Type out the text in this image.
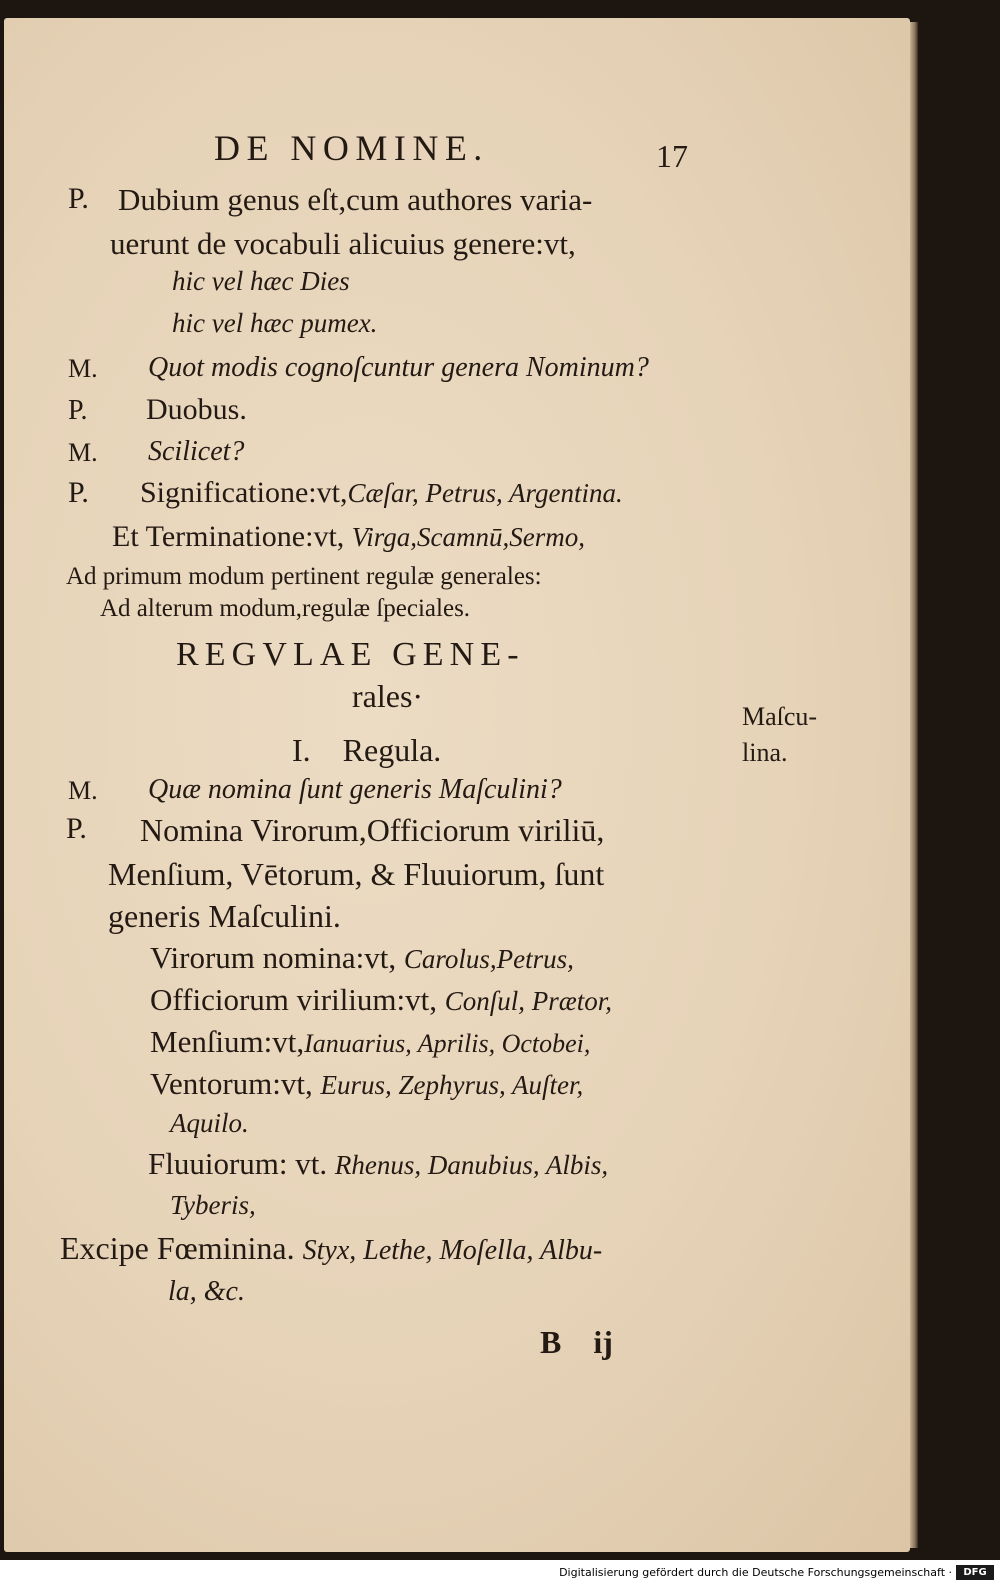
DE NOMINE.	17
P. Dubium genus eſt,cum authores varia-
uerunt de vocabuli alicuius genere:vt,
hic vel hæc Dies
hic vel hæc pumex.
M. Quot modis cognoſcuntur genera Nominum?
P. Duobus.
M. Scilicet?
P. Significatione:vt,Cæſar, Petrus, Argentina.
Et Terminatione:vt, Virga,Scamnū,Sermo,
Ad primum modum pertinent regulæ generales:
Ad alterum modum,regulæ ſpeciales.
REGVLAE GENE-
rales·
I.    Regula.
Maſcu-
lina.
M. Quæ nomina ſunt generis Maſculini?
P. Nomina Virorum,Officiorum viriliū,
Menſium, Vētorum, & Fluuiorum, ſunt
generis Maſculini.
Virorum nomina:vt, Carolus,Petrus,
Officiorum virilium:vt, Conſul, Prætor,
Menſium:vt,Ianuarius, Aprilis, Octobei,
Ventorum:vt, Eurus, Zephyrus, Auſter,
Aquilo.
Fluuiorum: vt. Rhenus, Danubius, Albis,
Tyberis,
Excipe Fœminina. Styx, Lethe, Moſella, Albu-
la, &c.
B    ij
Digitalisierung gefördert durch die Deutsche Forschungsgemeinschaft ·	DFG
